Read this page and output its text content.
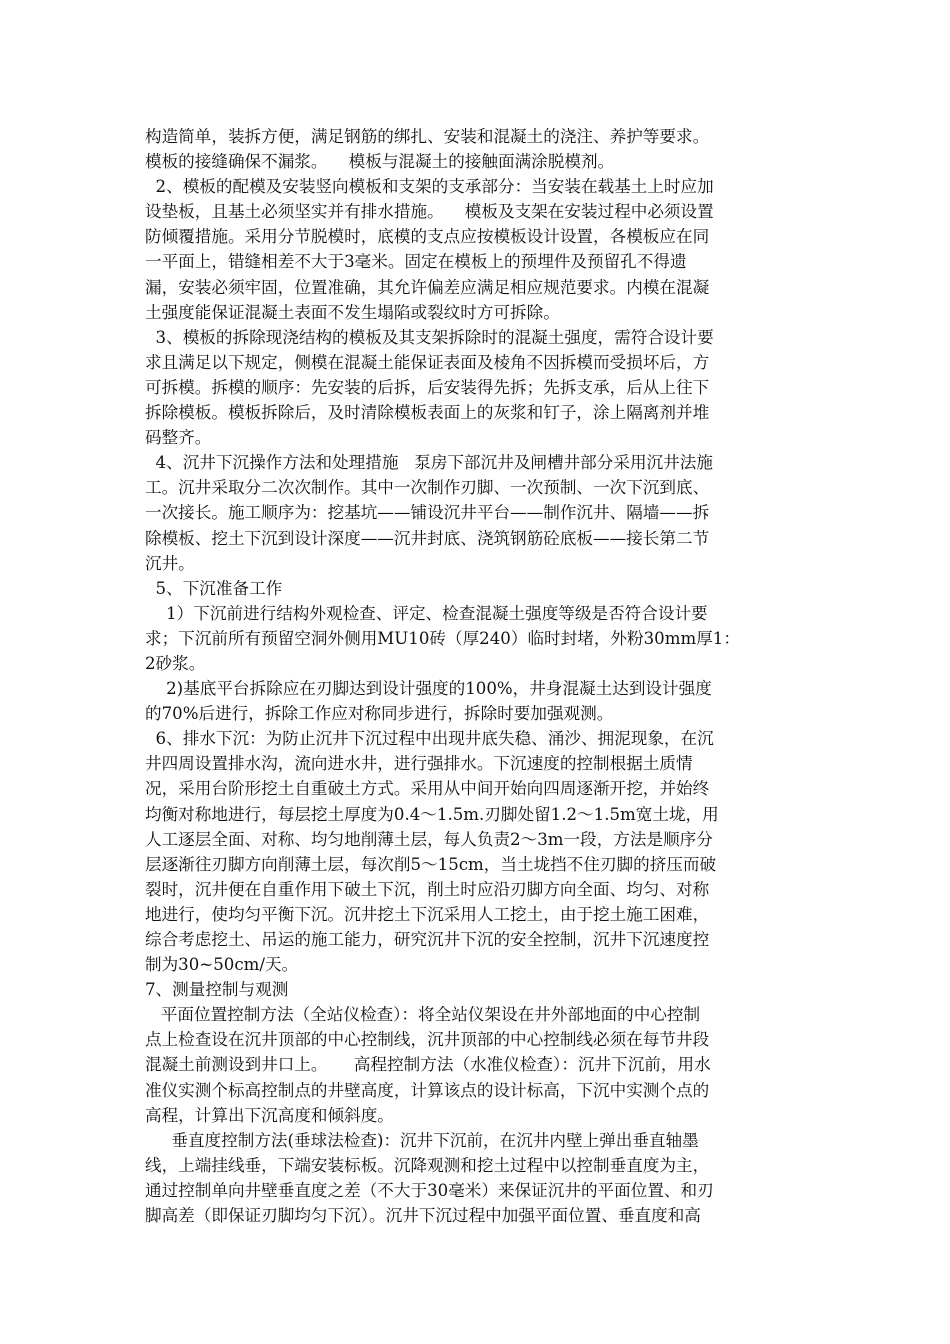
构造简单，装拆方便，满足钢筋的绑扎、安装和混凝土的浇注、养护等要求。
模板的接缝确保不漏浆。    模板与混凝土的接触面满涂脱模剂。
2、模板的配模及安装竖向模板和支架的支承部分：当安装在载基土上时应加
设垫板，且基土必须坚实并有排水措施。    模板及支架在安装过程中必须设置
防倾覆措施。采用分节脱模时，底模的支点应按模板设计设置，各模板应在同
一平面上，错缝相差不大于3毫米。固定在模板上的预埋件及预留孔不得遗
漏，安装必须牢固，位置准确，其允许偏差应满足相应规范要求。内模在混凝
土强度能保证混凝土表面不发生塌陷或裂纹时方可拆除。
3、模板的拆除现浇结构的模板及其支架拆除时的混凝土强度，需符合设计要
求且满足以下规定，侧模在混凝土能保证表面及棱角不因拆模而受损坏后，方
可拆模。拆模的顺序：先安装的后拆，后安装得先拆；先拆支承，后从上往下
拆除模板。模板拆除后，及时清除模板表面上的灰浆和钉子，涂上隔离剂并堆
码整齐。
4、沉井下沉操作方法和处理措施   泵房下部沉井及闸槽井部分采用沉井法施
工。沉井采取分二次次制作。其中一次制作刃脚、一次预制、一次下沉到底、
一次接长。施工顺序为：挖基坑——铺设沉井平台——制作沉井、隔墙——拆
除模板、挖土下沉到设计深度——沉井封底、浇筑钢筋砼底板——接长第二节
沉井。
5、下沉准备工作
1）下沉前进行结构外观检查、评定、检查混凝土强度等级是否符合设计要
求；下沉前所有预留空洞外侧用MU10砖（厚240）临时封堵，外粉30mm厚1：
2砂浆。
2)基底平台拆除应在刃脚达到设计强度的100%，井身混凝土达到设计强度
的70%后进行，拆除工作应对称同步进行，拆除时要加强观测。
6、排水下沉：为防止沉井下沉过程中出现井底失稳、涌沙、拥泥现象，在沉
井四周设置排水沟，流向进水井，进行强排水。下沉速度的控制根据土质情
况，采用台阶形挖土自重破土方式。采用从中间开始向四周逐渐开挖，并始终
均衡对称地进行，每层挖土厚度为0.4～1.5m.刃脚处留1.2～1.5m宽土垅，用
人工逐层全面、对称、均匀地削薄土层，每人负责2～3m一段，方法是顺序分
层逐渐往刃脚方向削薄土层，每次削5～15cm，当土垅挡不住刃脚的挤压而破
裂时，沉井便在自重作用下破土下沉，削土时应沿刃脚方向全面、均匀、对称
地进行，使均匀平衡下沉。沉井挖土下沉采用人工挖土，由于挖土施工困难，
综合考虑挖土、吊运的施工能力，研究沉井下沉的安全控制，沉井下沉速度控
制为30~50cm/天。
7、测量控制与观测
平面位置控制方法（全站仪检查）：将全站仪架设在井外部地面的中心控制
点上检查设在沉井顶部的中心控制线，沉井顶部的中心控制线必须在每节井段
混凝土前测设到井口上。     高程控制方法（水准仪检查）：沉井下沉前，用水
准仪实测个标高控制点的井壁高度，计算该点的设计标高，下沉中实测个点的
高程，计算出下沉高度和倾斜度。
垂直度控制方法(垂球法检查)：沉井下沉前，在沉井内壁上弹出垂直轴墨
线，上端挂线垂，下端安装标板。沉降观测和挖土过程中以控制垂直度为主，
通过控制单向井壁垂直度之差（不大于30毫米）来保证沉井的平面位置、和刃
脚高差（即保证刃脚均匀下沉）。沉井下沉过程中加强平面位置、垂直度和高
